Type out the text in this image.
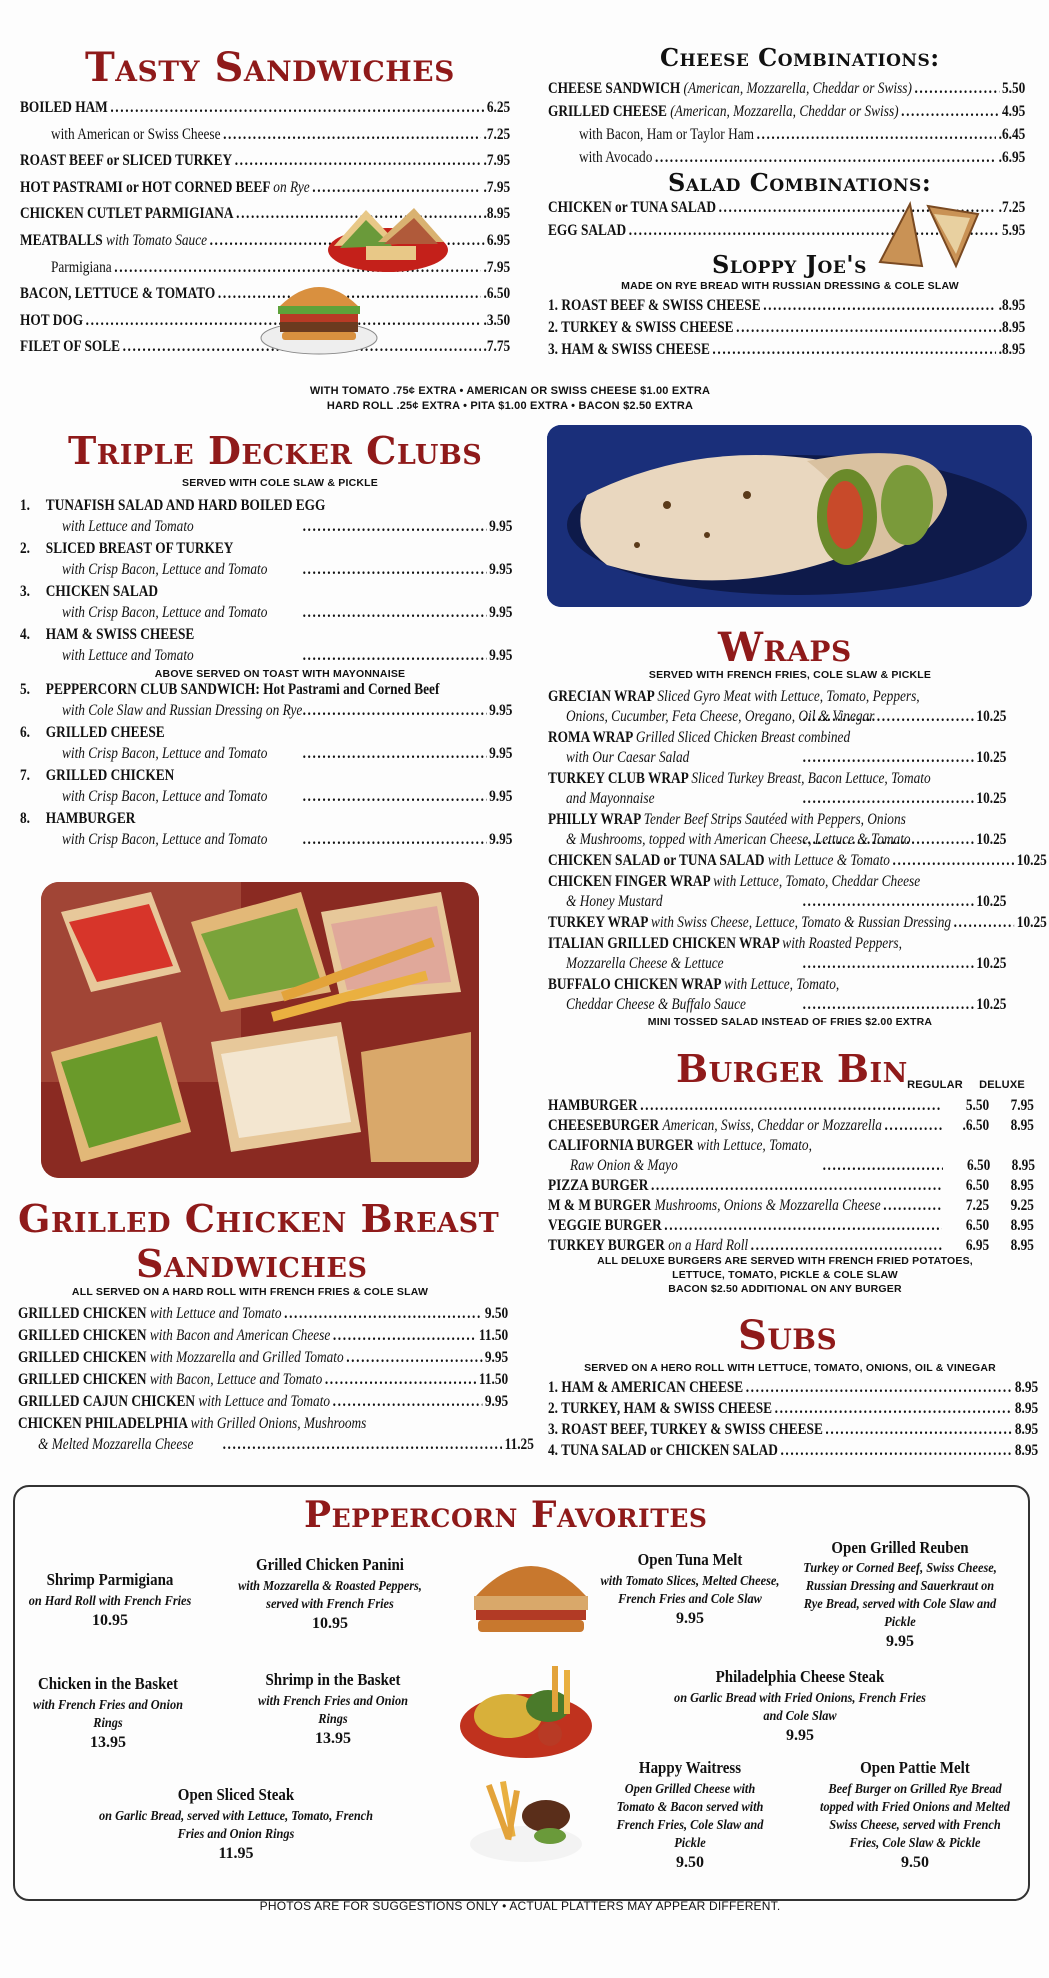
Tasty Sandwiches
BOILED HAM . . .	6.25
with American or Swiss Cheese . . .	.7.25
ROAST BEEF or SLICED TURKEY . . .	.7.95
HOT PASTRAMI or HOT CORNED BEEF on Rye . . .	.7.95
CHICKEN CUTLET PARMIGIANA . . .	.8.95
MEATBALLS with Tomato Sauce . . .	6.95
Parmigiana . . .	.7.95
BACON, LETTUCE & TOMATO . . .	.6.50
HOT DOG . . .	.3.50
FILET OF SOLE . . .	.7.75
WITH TOMATO .75¢ EXTRA • AMERICAN OR SWISS CHEESE $1.00 EXTRA
HARD ROLL .25¢ EXTRA • PITA $1.00 EXTRA • BACON $2.50 EXTRA
Cheese Combinations:
CHEESE SANDWICH (American, Mozzarella, Cheddar or Swiss) . . .	5.50
GRILLED CHEESE (American, Mozzarella, Cheddar or Swiss) . . .	4.95
with Bacon, Ham or Taylor Ham . . .	.6.45
with Avocado . . .	.6.95
Salad Combinations:
CHICKEN or TUNA SALAD . . .	.7.25
EGG SALAD . . .	5.95
Sloppy Joe's
MADE ON RYE BREAD WITH RUSSIAN DRESSING & COLE SLAW
1. ROAST BEEF & SWISS CHEESE . . .	.8.95
2. TURKEY & SWISS CHEESE . . .	.8.95
3. HAM & SWISS CHEESE . . .	.8.95
Triple Decker Clubs
SERVED WITH COLE SLAW & PICKLE
1. TUNAFISH SALAD AND HARD BOILED EGG
with Lettuce and Tomato . . .	9.95
2. SLICED BREAST OF TURKEY
with Crisp Bacon, Lettuce and Tomato . . .	9.95
3. CHICKEN SALAD
with Crisp Bacon, Lettuce and Tomato . . .	9.95
4. HAM & SWISS CHEESE
with Lettuce and Tomato . . .	9.95
5. PEPPERCORN CLUB SANDWICH: Hot Pastrami and Corned Beef
with Cole Slaw and Russian Dressing on Rye . . .	9.95
6. GRILLED CHEESE
with Crisp Bacon, Lettuce and Tomato . . .	9.95
7. GRILLED CHICKEN
with Crisp Bacon, Lettuce and Tomato . . .	9.95
8. HAMBURGER
with Crisp Bacon, Lettuce and Tomato . . .	9.95
ABOVE SERVED ON TOAST WITH MAYONNAISE
Wraps
SERVED WITH FRENCH FRIES, COLE SLAW & PICKLE
GRECIAN WRAP Sliced Gyro Meat with Lettuce, Tomato, Peppers,
Onions, Cucumber, Feta Cheese, Oregano, Oil & Vinegar . . .	10.25
ROMA WRAP Grilled Sliced Chicken Breast combined
with Our Caesar Salad . . .	10.25
TURKEY CLUB WRAP Sliced Turkey Breast, Bacon Lettuce, Tomato
and Mayonnaise . . .	10.25
PHILLY WRAP Tender Beef Strips Sautéed with Peppers, Onions
& Mushrooms, topped with American Cheese, Lettuce & Tomato . . .	10.25
CHICKEN SALAD or TUNA SALAD with Lettuce & Tomato . . .	10.25
CHICKEN FINGER WRAP with Lettuce, Tomato, Cheddar Cheese
& Honey Mustard . . .	10.25
TURKEY WRAP with Swiss Cheese, Lettuce, Tomato & Russian Dressing . . .	10.25
ITALIAN GRILLED CHICKEN WRAP with Roasted Peppers,
Mozzarella Cheese & Lettuce . . .	10.25
BUFFALO CHICKEN WRAP with Lettuce, Tomato,
Cheddar Cheese & Buffalo Sauce . . .	10.25
MINI TOSSED SALAD INSTEAD OF FRIES $2.00 EXTRA
Burger Bin REGULAR	DELUXE
HAMBURGER . . .	5.50	7.95
CHEESEBURGER American, Swiss, Cheddar or Mozzarella . . .	.6.50	8.95
CALIFORNIA BURGER with Lettuce, Tomato,
Raw Onion & Mayo . . .	6.50	8.95
PIZZA BURGER . . .	6.50	8.95
M & M BURGER Mushrooms, Onions & Mozzarella Cheese . . .	7.25	9.25
VEGGIE BURGER . . .	6.50	8.95
TURKEY BURGER on a Hard Roll . . .	6.95	8.95
ALL DELUXE BURGERS ARE SERVED WITH FRENCH FRIED POTATOES,
LETTUCE, TOMATO, PICKLE & COLE SLAW
BACON $2.50 ADDITIONAL ON ANY BURGER
Grilled Chicken Breast
Sandwiches
ALL SERVED ON A HARD ROLL WITH FRENCH FRIES & COLE SLAW
GRILLED CHICKEN with Lettuce and Tomato . . .	9.50
GRILLED CHICKEN with Bacon and American Cheese . . .	11.50
GRILLED CHICKEN with Mozzarella and Grilled Tomato . . .	9.95
GRILLED CHICKEN with Bacon, Lettuce and Tomato . . .	11.50
GRILLED CAJUN CHICKEN with Lettuce and Tomato . . .	9.95
CHICKEN PHILADELPHIA with Grilled Onions, Mushrooms
& Melted Mozzarella Cheese . . .	11.25
Subs
SERVED ON A HERO ROLL WITH LETTUCE, TOMATO, ONIONS, OIL & VINEGAR
1. HAM & AMERICAN CHEESE . . .	8.95
2. TURKEY, HAM & SWISS CHEESE . . .	8.95
3. ROAST BEEF, TURKEY & SWISS CHEESE . . .	8.95
4. TUNA SALAD or CHICKEN SALAD . . .	8.95
Peppercorn Favorites
Shrimp Parmigiana
on Hard Roll with French Fries
Grilled Chicken Panini
with Mozzarella & Roasted Peppers, served with French Fries
Open Tuna Melt
with Tomato Slices, Melted Cheese, French Fries and Cole Slaw
Open Grilled Reuben
Turkey or Corned Beef, Swiss Cheese, Russian Dressing and Sauerkraut on Rye Bread, served with Cole Slaw and Pickle
Chicken in the Basket
with French Fries and Onion Rings
Shrimp in the Basket
with French Fries and Onion Rings
Philadelphia Cheese Steak
on Garlic Bread with Fried Onions, French Fries and Cole Slaw
Open Sliced Steak
on Garlic Bread, served with Lettuce, Tomato, French Fries and Onion Rings
Happy Waitress
Open Grilled Cheese with Tomato & Bacon served with French Fries, Cole Slaw and Pickle
Open Pattie Melt
Beef Burger on Grilled Rye Bread topped with Fried Onions and Melted Swiss Cheese, served with French Fries, Cole Slaw & Pickle
10.95	10.95	9.95
9.95
13.95	13.95	9.95
11.95
9.50	9.50
PHOTOS ARE FOR SUGGESTIONS ONLY • ACTUAL PLATTERS MAY APPEAR DIFFERENT.
